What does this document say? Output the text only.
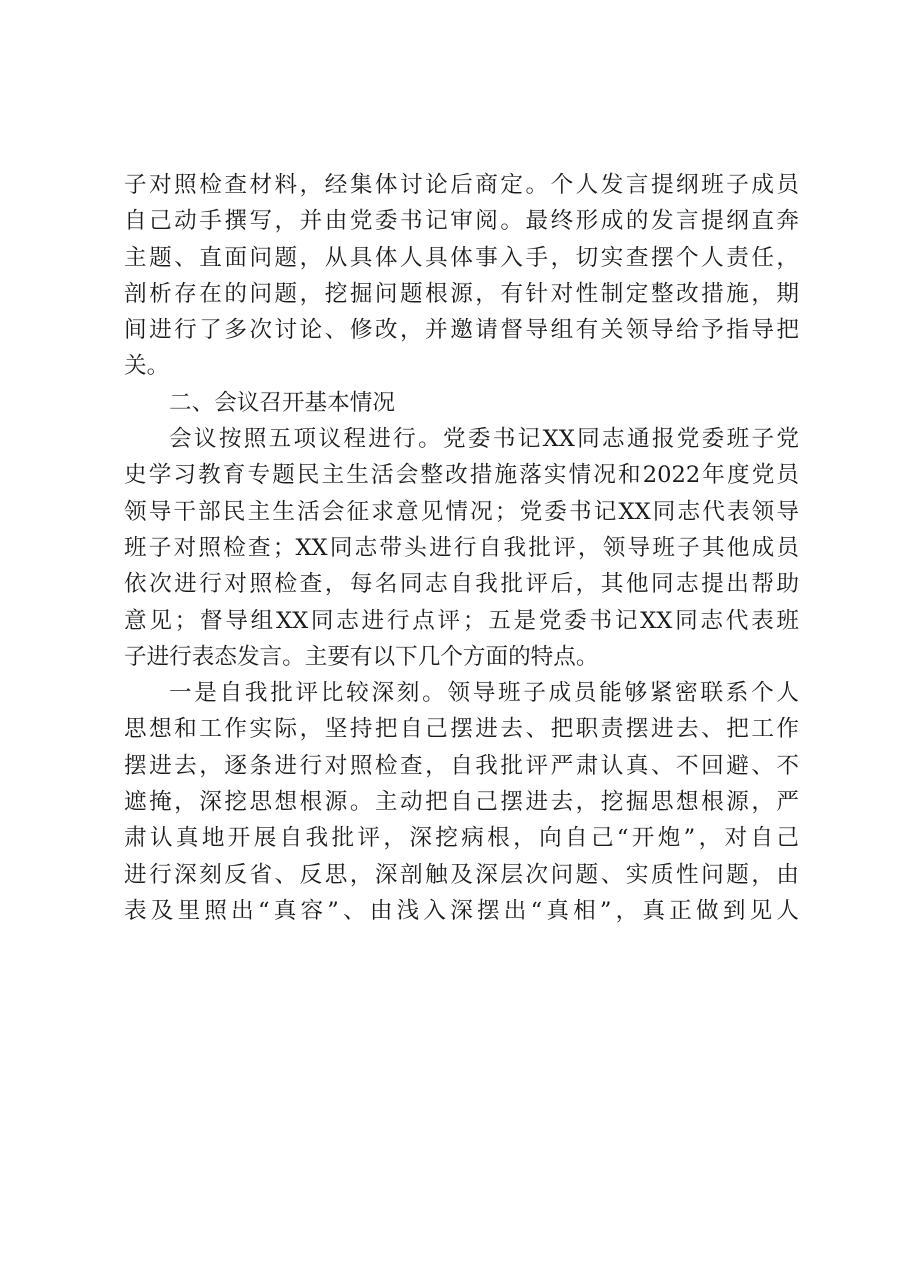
子对照检查材料，经集体讨论后商定。个人发言提纲班子成员
自己动手撰写，并由党委书记审阅。最终形成的发言提纲直奔
主题、直面问题，从具体人具体事入手，切实查摆个人责任，
剖析存在的问题，挖掘问题根源，有针对性制定整改措施，期
间进行了多次讨论、修改，并邀请督导组有关领导给予指导把
关。
二、会议召开基本情况
会议按照五项议程进行。党委书记XX同志通报党委班子党
史学习教育专题民主生活会整改措施落实情况和2022年度党员
领导干部民主生活会征求意见情况；党委书记XX同志代表领导
班子对照检查；XX同志带头进行自我批评，领导班子其他成员
依次进行对照检查，每名同志自我批评后，其他同志提出帮助
意见；督导组XX同志进行点评；五是党委书记XX同志代表班
子进行表态发言。主要有以下几个方面的特点。
一是自我批评比较深刻。领导班子成员能够紧密联系个人
思想和工作实际，坚持把自己摆进去、把职责摆进去、把工作
摆进去，逐条进行对照检查，自我批评严肃认真、不回避、不
遮掩，深挖思想根源。主动把自己摆进去，挖掘思想根源，严
肃认真地开展自我批评，深挖病根，向自己“开炮”，对自己
进行深刻反省、反思，深剖触及深层次问题、实质性问题，由
表及里照出“真容”、由浅入深摆出“真相”，真正做到见人
